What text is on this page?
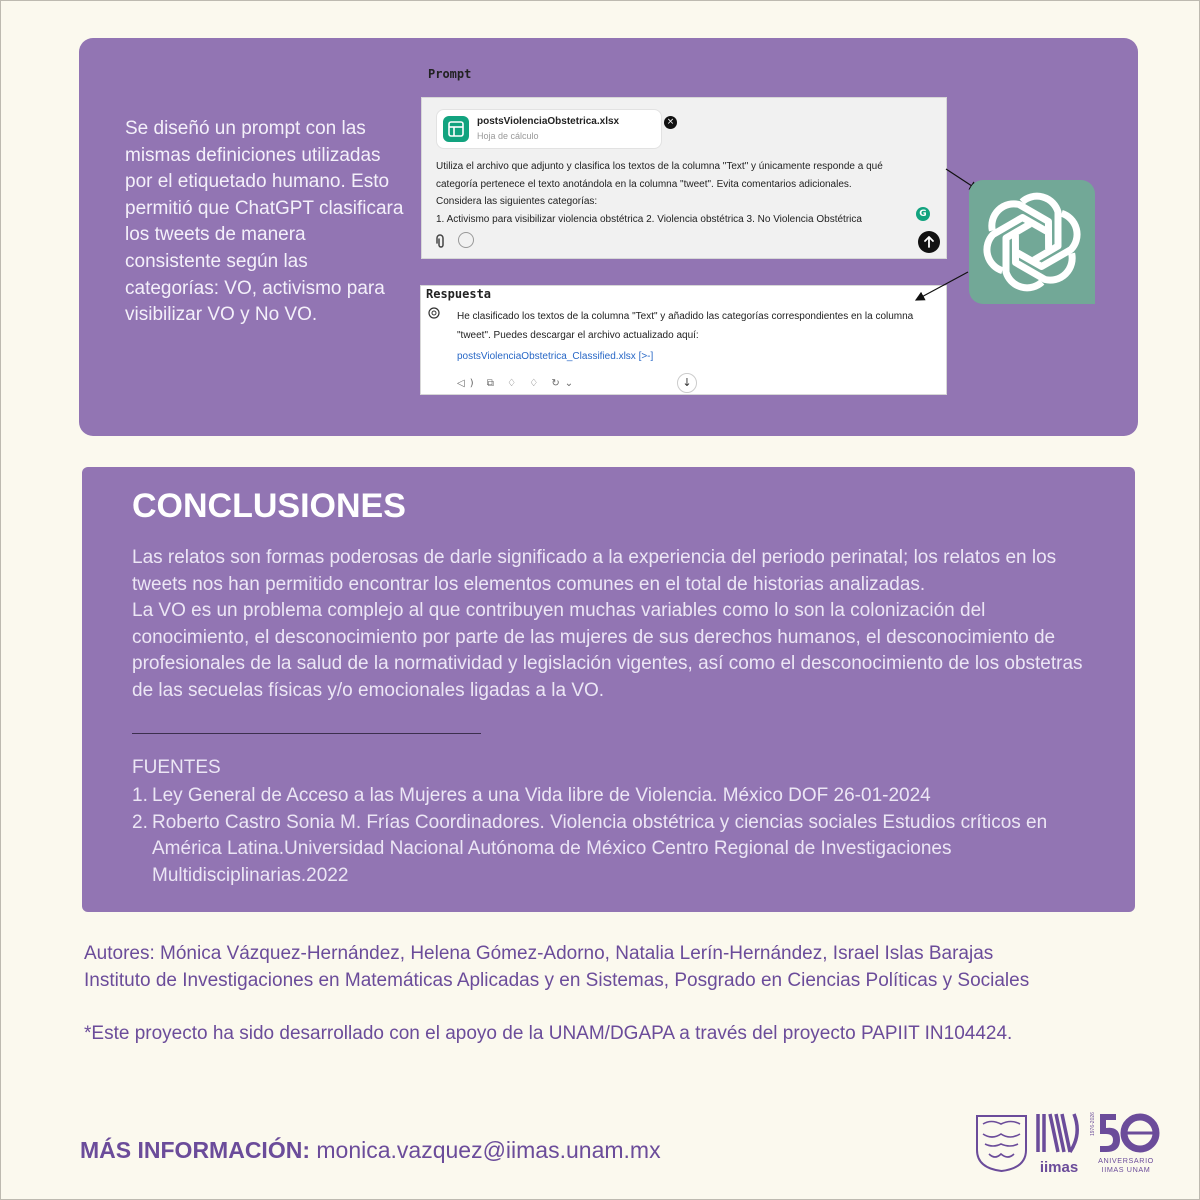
Se diseñó un prompt con las mismas definiciones utilizadas por el etiquetado humano. Esto permitió que ChatGPT clasificara los tweets de manera consistente según las categorías: VO, activismo para visibilizar VO y No VO.
Prompt
postsViolenciaObstetrica.xlsx
Hoja de cálculo
×
Utiliza el archivo que adjunto y clasifica los textos de la columna "Text" y únicamente responde a qué
categoría pertenece el texto anotándola en la columna "tweet". Evita comentarios adicionales.
Considera las siguientes categorías:
1. Activismo para visibilizar violencia obstétrica 2. Violencia obstétrica 3. No Violencia Obstétrica	G
Respuesta
He clasificado los textos de la columna "Text" y añadido las categorías correspondientes en la columna
"tweet". Puedes descargar el archivo actualizado aquí:
postsViolenciaObstetrica_Classified.xlsx [>-]
◁) ⧉ ♢ ♢ ↻⌄	↓
CONCLUSIONES

Las relatos son formas poderosas de darle significado a la experiencia del periodo perinatal; los relatos en los tweets nos han permitido encontrar los elementos comunes en el total de historias analizadas.

La VO es un problema complejo al que contribuyen muchas variables como lo son la colonización del conocimiento, el desconocimiento por parte de las mujeres de sus derechos humanos, el desconocimiento de profesionales de la salud de la normatividad y legislación vigentes, así como el desconocimiento de los obstetras de las secuelas físicas y/o emocionales ligadas a la VO.

FUENTES
1. Ley General de Acceso a las Mujeres a una Vida libre de Violencia. México DOF 26-01-2024
2. Roberto Castro Sonia M. Frías Coordinadores. Violencia obstétrica y ciencias sociales Estudios críticos en América Latina.Universidad Nacional Autónoma de México Centro Regional de Investigaciones Multidisciplinarias.2022
Autores: Mónica Vázquez-Hernández, Helena Gómez-Adorno, Natalia Lerín-Hernández, Israel Islas Barajas
Instituto de Investigaciones en Matemáticas Aplicadas y en Sistemas, Posgrado en Ciencias Políticas y Sociales
*Este proyecto ha sido desarrollado con el apoyo de la UNAM/DGAPA a través del proyecto PAPIIT IN104424.
MÁS INFORMACIÓN: monica.vazquez@iimas.unam.mx
iimas
1976-2026
ANIVERSARIO
IIMAS UNAM
